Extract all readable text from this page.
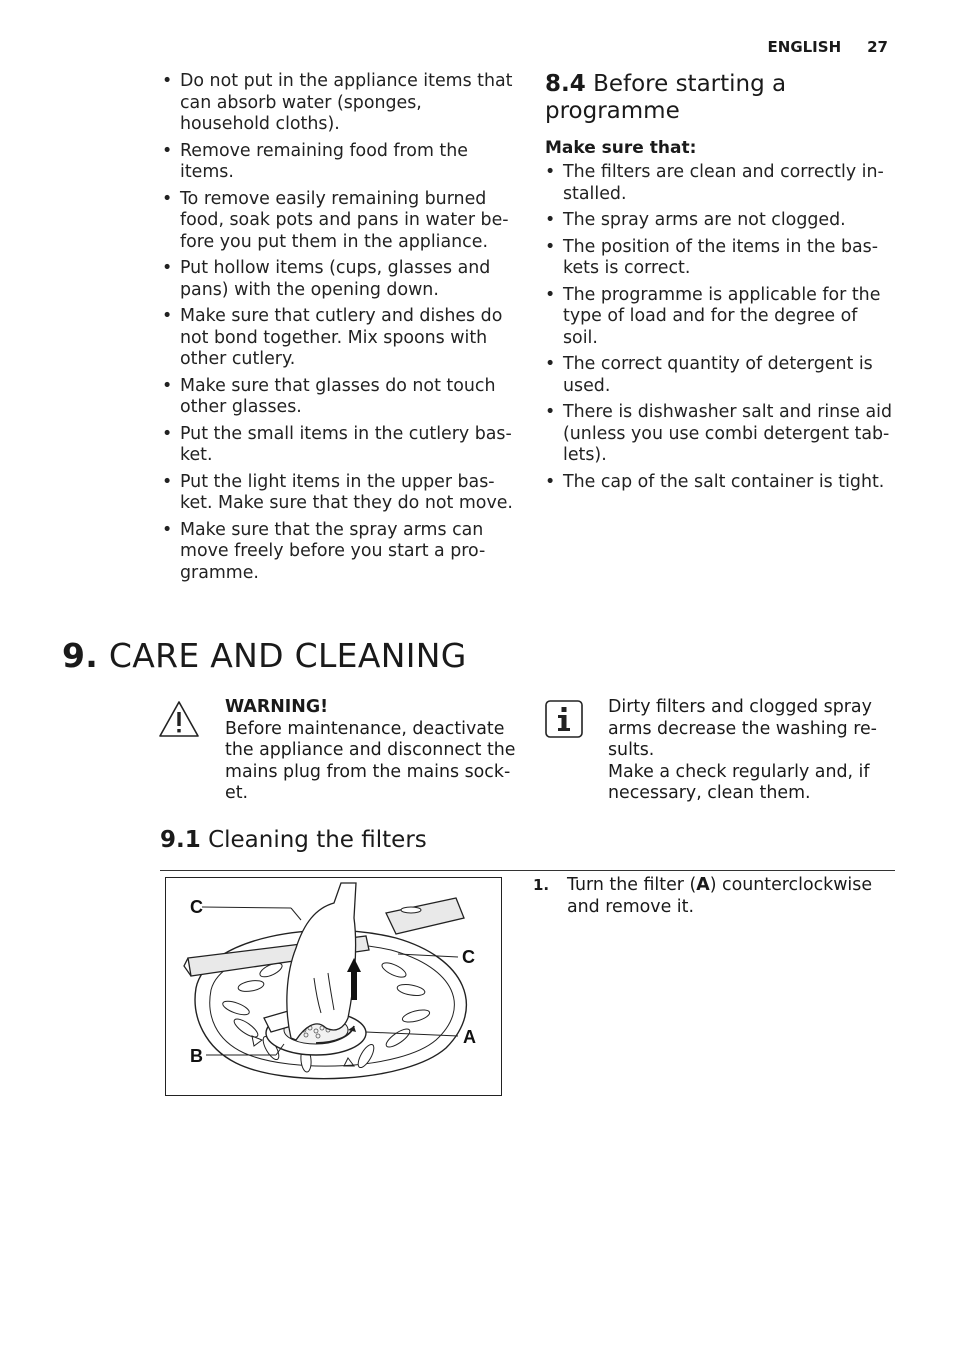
ENGLISH 27
• Do not put in the appliance items that can absorb water (sponges, household cloths).
• Remove remaining food from the items.
• To remove easily remaining burned food, soak pots and pans in water be-fore you put them in the appliance.
• Put hollow items (cups, glasses and pans) with the opening down.
• Make sure that cutlery and dishes do not bond together. Mix spoons with other cutlery.
• Make sure that glasses do not touch other glasses.
• Put the small items in the cutlery bas-ket.
• Put the light items in the upper bas-ket. Make sure that they do not move.
• Make sure that the spray arms can move freely before you start a pro-gramme.
8.4 Before starting a programme
Make sure that:
• The filters are clean and correctly in-stalled.
• The spray arms are not clogged.
• The position of the items in the bas-kets is correct.
• The programme is applicable for the type of load and for the degree of soil.
• The correct quantity of detergent is used.
• There is dishwasher salt and rinse aid (unless you use combi detergent tab-lets).
• The cap of the salt container is tight.
9. CARE AND CLEANING
WARNING!
Before maintenance, deactivate the appliance and disconnect the mains plug from the mains sock-et.
Dirty filters and clogged spray arms decrease the washing re-sults.
Make a check regularly and, if necessary, clean them.
9.1 Cleaning the filters
C
C
A
B
1.	Turn the filter (A) counterclockwise and remove it.
